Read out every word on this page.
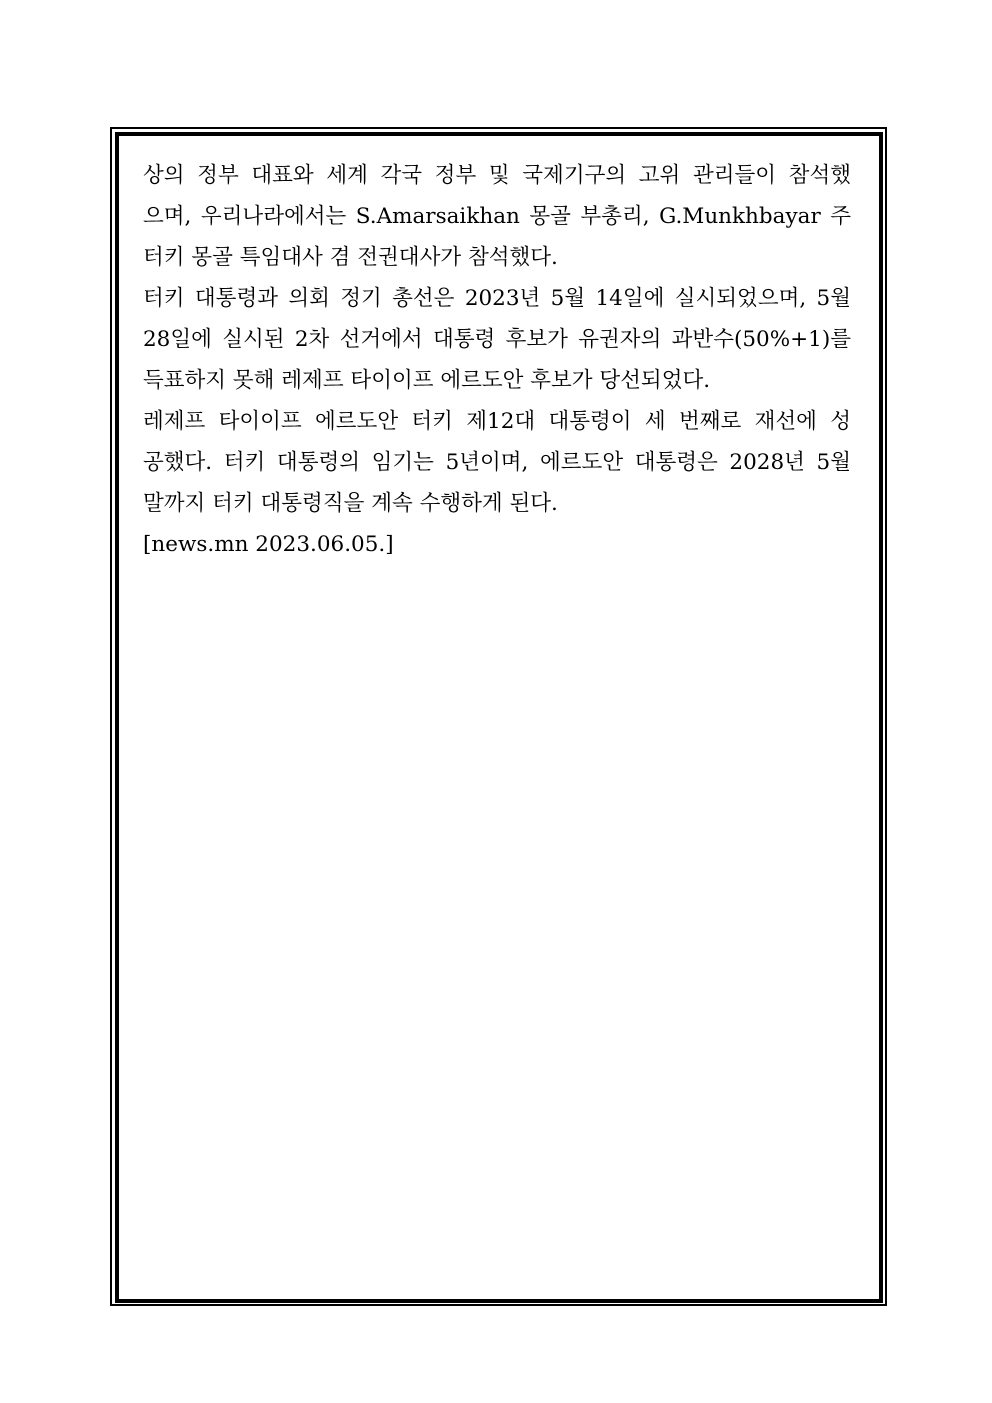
상의 정부 대표와 세계 각국 정부 및 국제기구의 고위 관리들이 참석했
으며, 우리나라에서는 S.Amarsaikhan 몽골 부총리, G.Munkhbayar 주
터키 몽골 특임대사 겸 전권대사가 참석했다.
터키 대통령과 의회 정기 총선은 2023년 5월 14일에 실시되었으며, 5월
28일에 실시된 2차 선거에서 대통령 후보가 유권자의 과반수(50%+1)를
득표하지 못해 레제프 타이이프 에르도안 후보가 당선되었다.
레제프 타이이프 에르도안 터키 제12대 대통령이 세 번째로 재선에 성
공했다. 터키 대통령의 임기는 5년이며, 에르도안 대통령은 2028년 5월
말까지 터키 대통령직을 계속 수행하게 된다.
[news.mn 2023.06.05.]
